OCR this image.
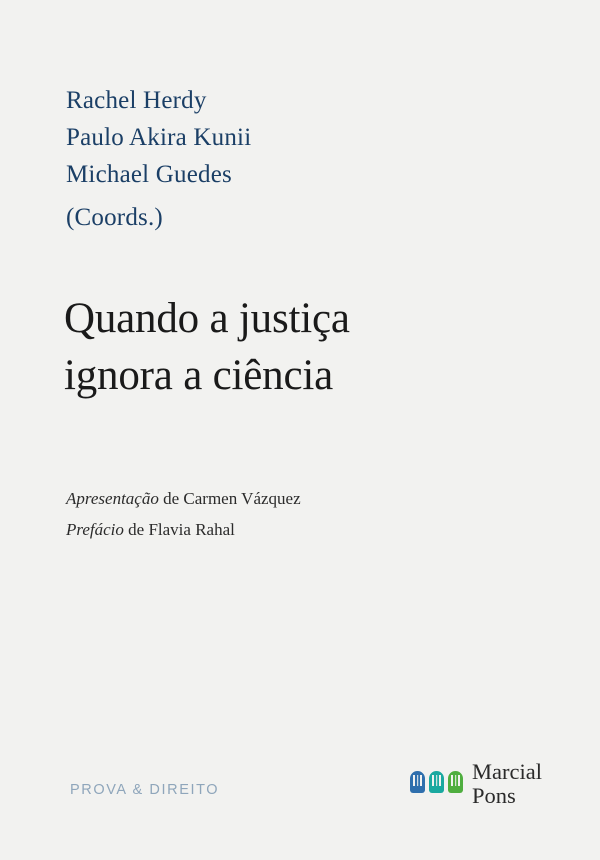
Rachel Herdy
Paulo Akira Kunii
Michael Guedes
(Coords.)
Quando a justiça
ignora a ciência
Apresentação de Carmen Vázquez
Prefácio de Flavia Rahal
PROVA & DIREITO
Marcial
Pons
